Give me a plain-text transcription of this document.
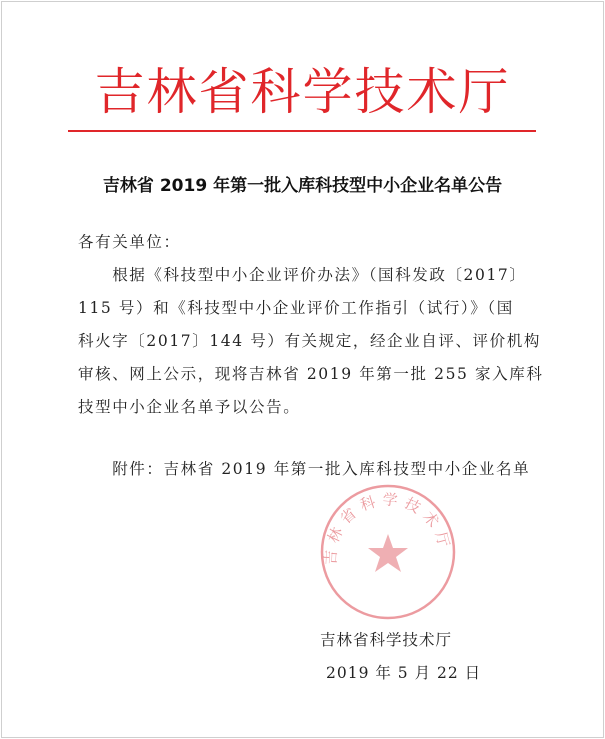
吉林省科学技术厅
吉林省 2019 年第一批入库科技型中小企业名单公告
各有关单位：
　　根据《科技型中小企业评价办法》（国科发政〔2017〕
115 号）和《科技型中小企业评价工作指引（试行）》（国
科火字〔2017〕144 号）有关规定，经企业自评、评价机构
审核、网上公示，现将吉林省 2019 年第一批 255 家入库科
技型中小企业名单予以公告。
　　附件：吉林省 2019 年第一批入库科技型中小企业名单
吉林省科学技术厅
吉林省科学技术厅
2019 年 5 月 22 日
